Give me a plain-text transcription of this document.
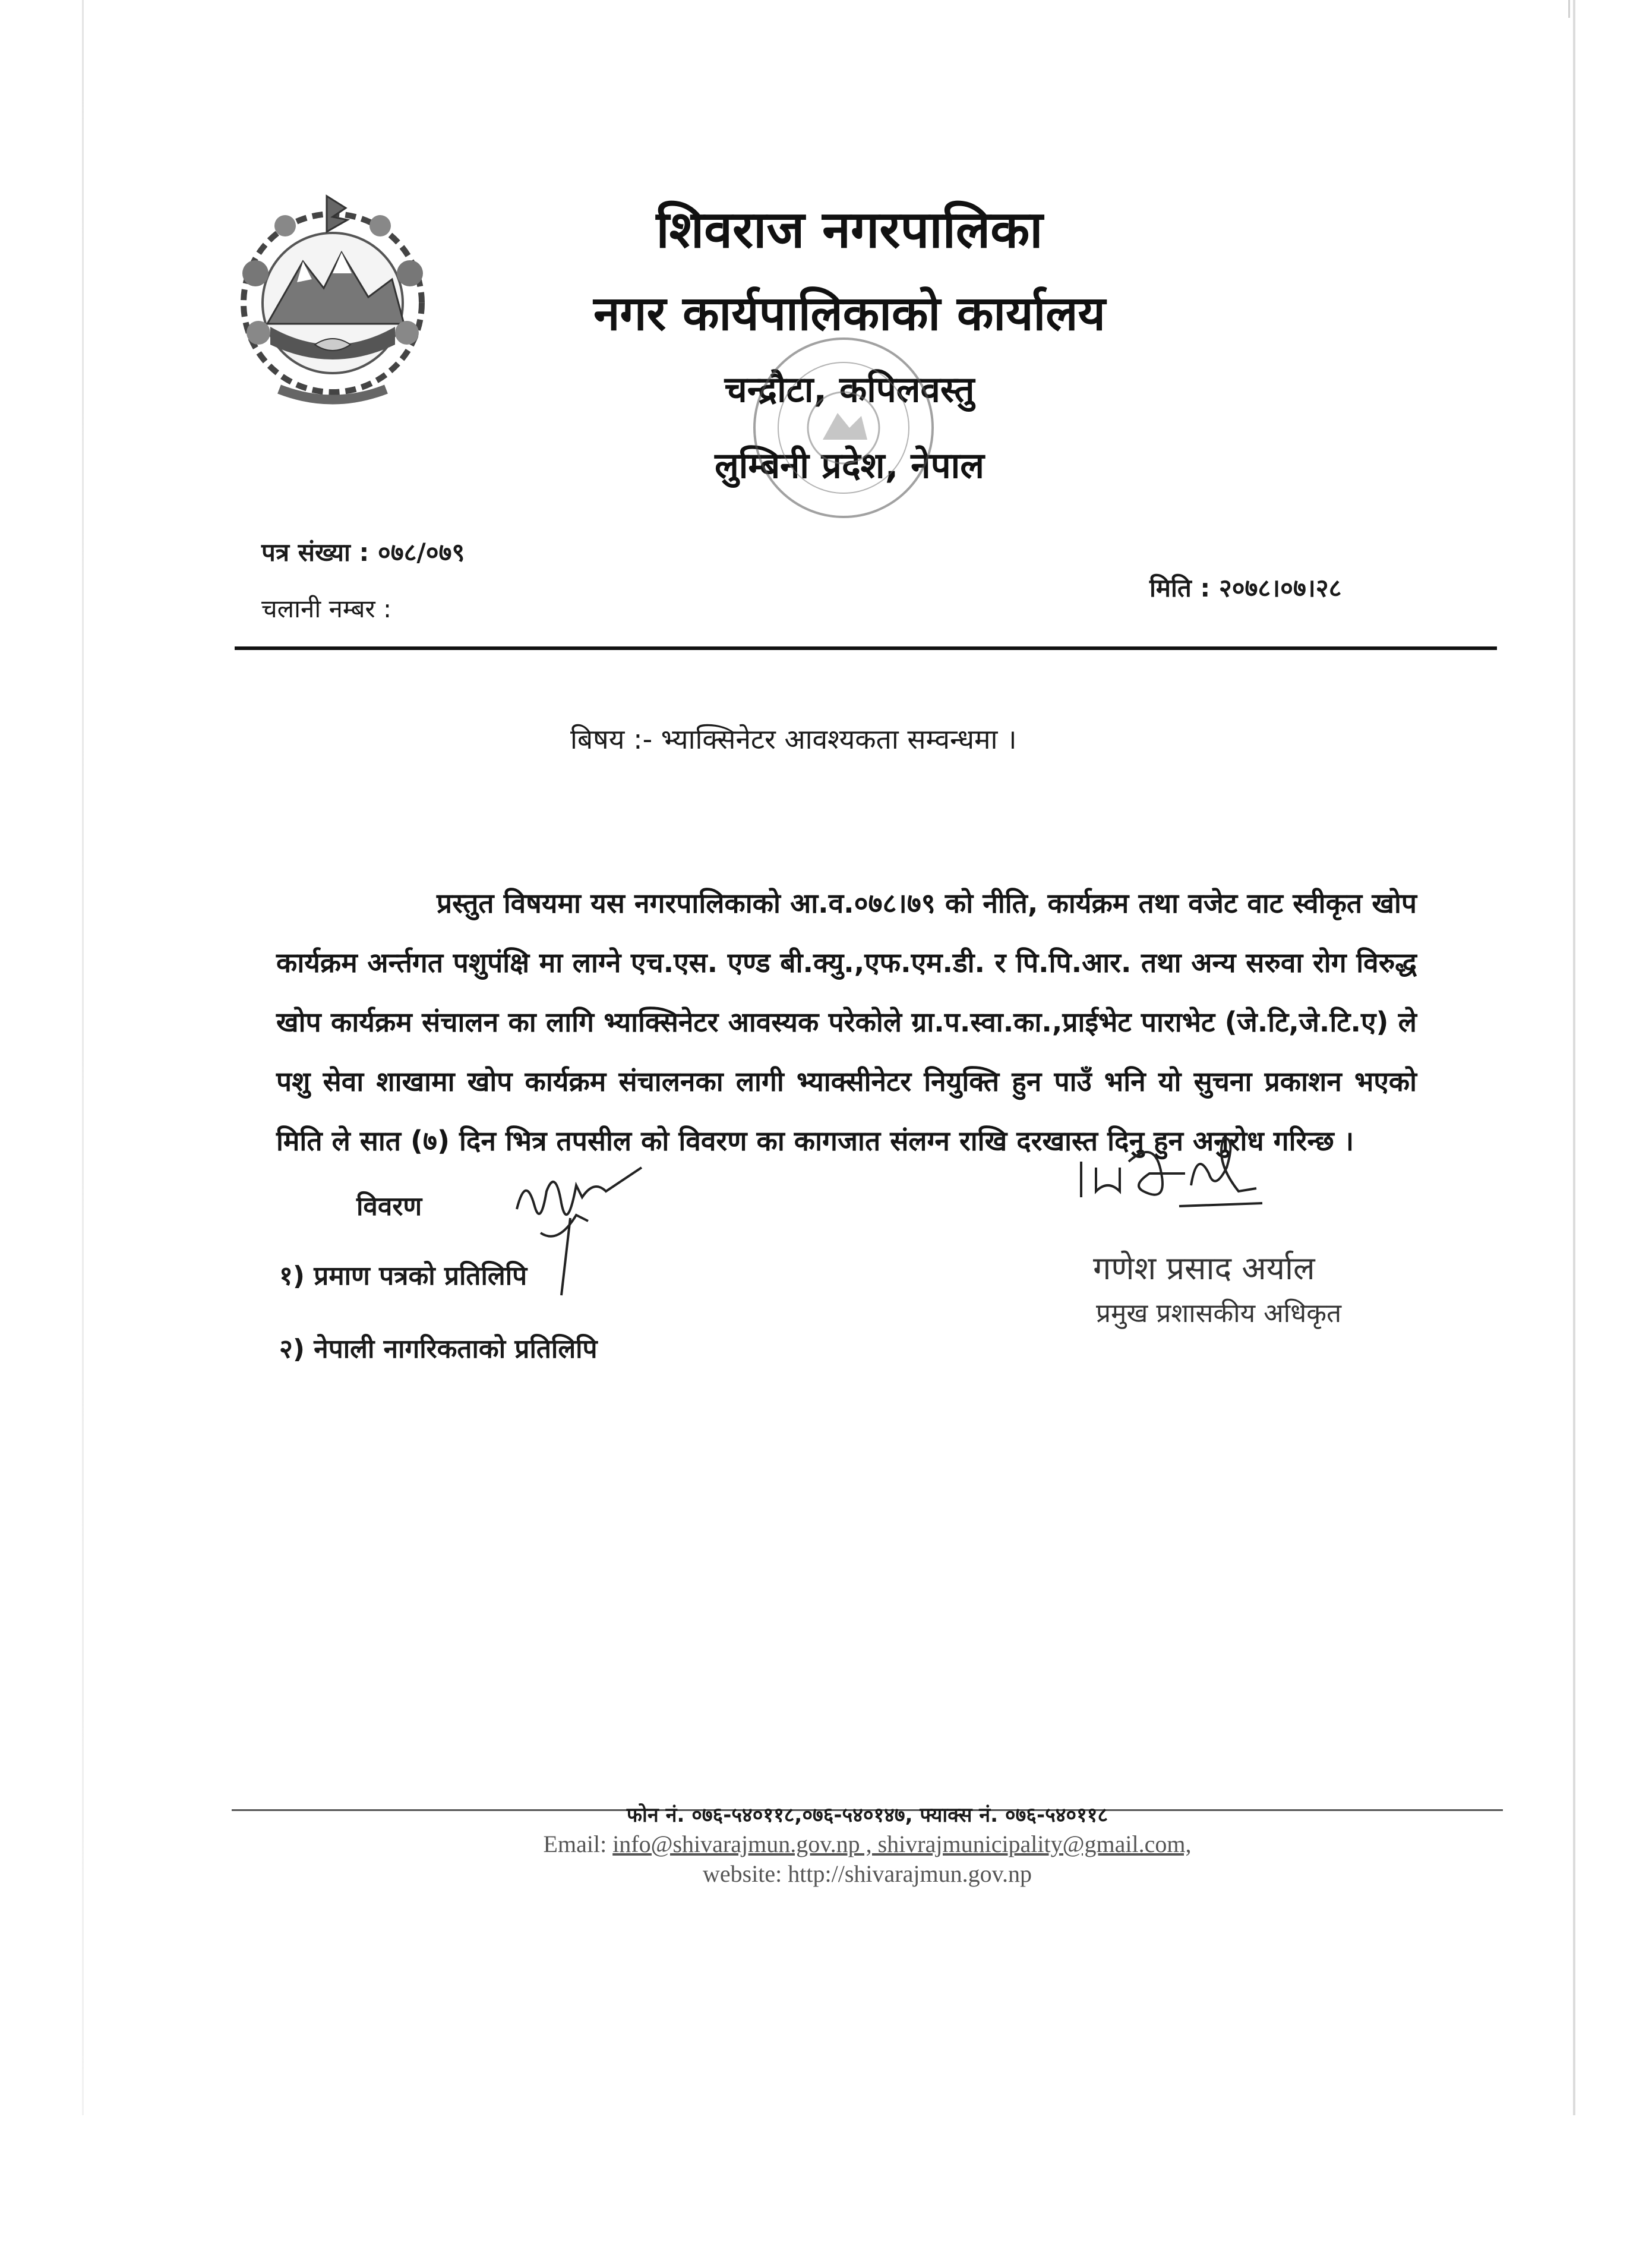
शिवराज नगरपालिका
नगर कार्यपालिकाको कार्यालय
चन्द्रौटा, कपिलवस्तु
लुम्बिनी प्रदेश, नेपाल
पत्र संख्या : ०७८/०७९
चलानी नम्बर :
मिति : २०७८।०७।२८
बिषय :- भ्याक्सिनेटर आवश्यकता सम्वन्धमा ।
प्रस्तुत विषयमा यस नगरपालिकाको आ.व.०७८।७९ को नीति, कार्यक्रम तथा वजेट वाट स्वीकृत खोप कार्यक्रम अर्न्तगत पशुपंक्षि मा लाग्ने एच.एस. एण्ड बी.क्यु.,एफ.एम.डी. र पि.पि.आर. तथा अन्य सरुवा रोग विरुद्ध खोप कार्यक्रम संचालन का लागि भ्याक्सिनेटर आवस्यक परेकोले ग्रा.प.स्वा.का.,प्राईभेट पाराभेट (जे.टि,जे.टि.ए) ले पशु सेवा शाखामा खोप कार्यक्रम संचालनका लागी भ्याक्सीनेटर नियुक्ति हुन पाउँ भनि यो सुचना प्रकाशन भएको मिति ले सात (७) दिन भित्र तपसील को विवरण का कागजात संलग्न राखि दरखास्त दिनु हुन अनुरोध गरिन्छ ।
विवरण
१) प्रमाण पत्रको प्रतिलिपि
२) नेपाली नागरिकताको प्रतिलिपि
गणेश प्रसाद अर्याल
प्रमुख प्रशासकीय अधिकृत
फोन नं. ०७६-५४०११८,०७६-५४०१४७, फ्याक्स नं. ०७६-५४०११८
Email: info@shivarajmun.gov.np , shivrajmunicipality@gmail.com,
website: http://shivarajmun.gov.np
